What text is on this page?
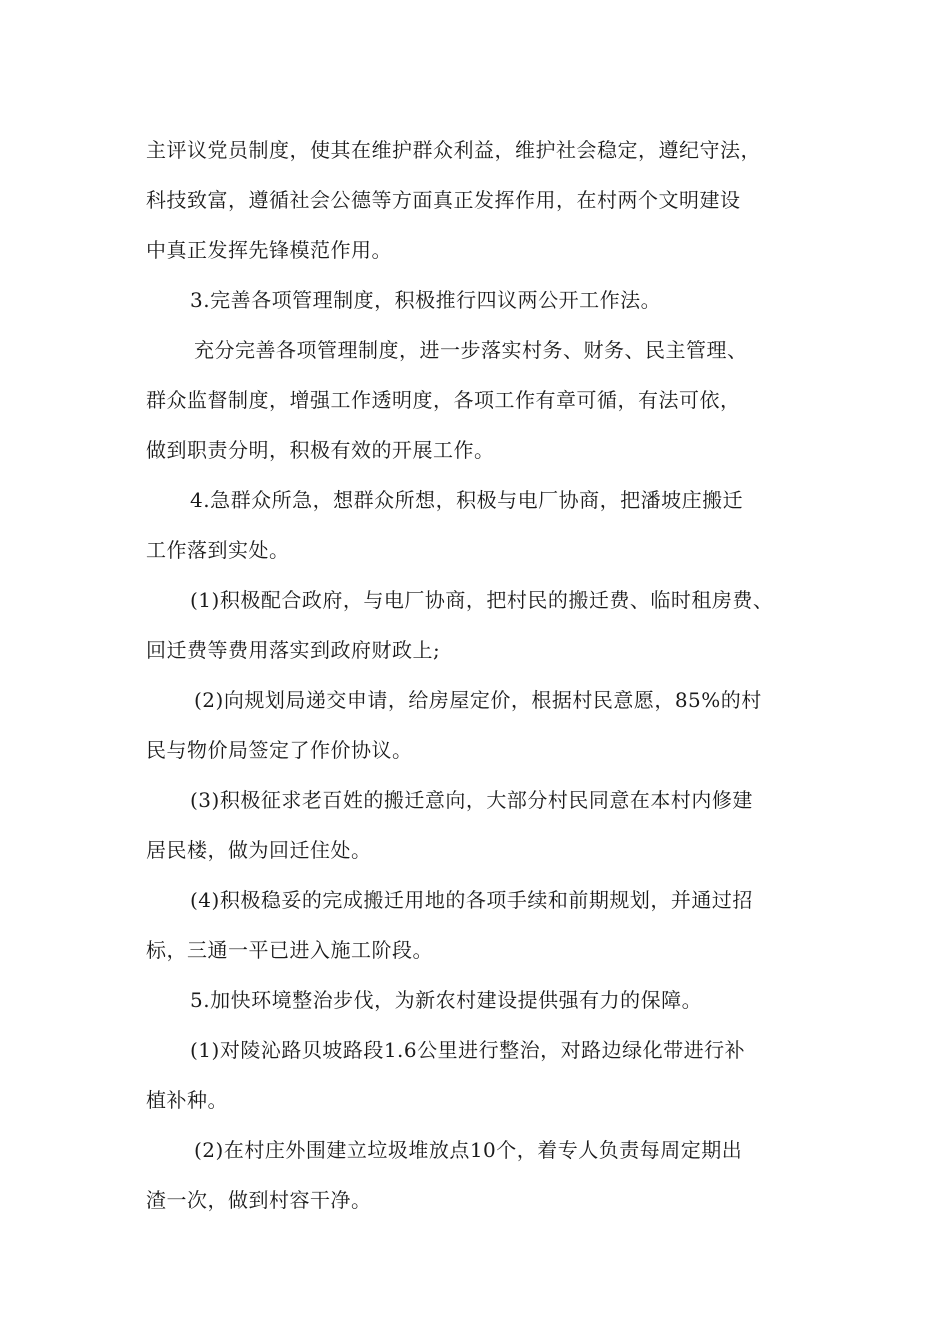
主评议党员制度，使其在维护群众利益，维护社会稳定，遵纪守法，
科技致富，遵循社会公德等方面真正发挥作用，在村两个文明建设
中真正发挥先锋模范作用。
3.完善各项管理制度，积极推行四议两公开工作法。
充分完善各项管理制度，进一步落实村务、财务、民主管理、
群众监督制度，增强工作透明度，各项工作有章可循，有法可依，
做到职责分明，积极有效的开展工作。
4.急群众所急，想群众所想，积极与电厂协商，把潘坡庄搬迁
工作落到实处。
(1)积极配合政府，与电厂协商，把村民的搬迁费、临时租房费、
回迁费等费用落实到政府财政上;
(2)向规划局递交申请，给房屋定价，根据村民意愿，85%的村
民与物价局签定了作价协议。
(3)积极征求老百姓的搬迁意向，大部分村民同意在本村内修建
居民楼，做为回迁住处。
(4)积极稳妥的完成搬迁用地的各项手续和前期规划，并通过招
标，三通一平已进入施工阶段。
5.加快环境整治步伐，为新农村建设提供强有力的保障。
(1)对陵沁路贝坡路段1.6公里进行整治，对路边绿化带进行补
植补种。
(2)在村庄外围建立垃圾堆放点10个，着专人负责每周定期出
渣一次，做到村容干净。
